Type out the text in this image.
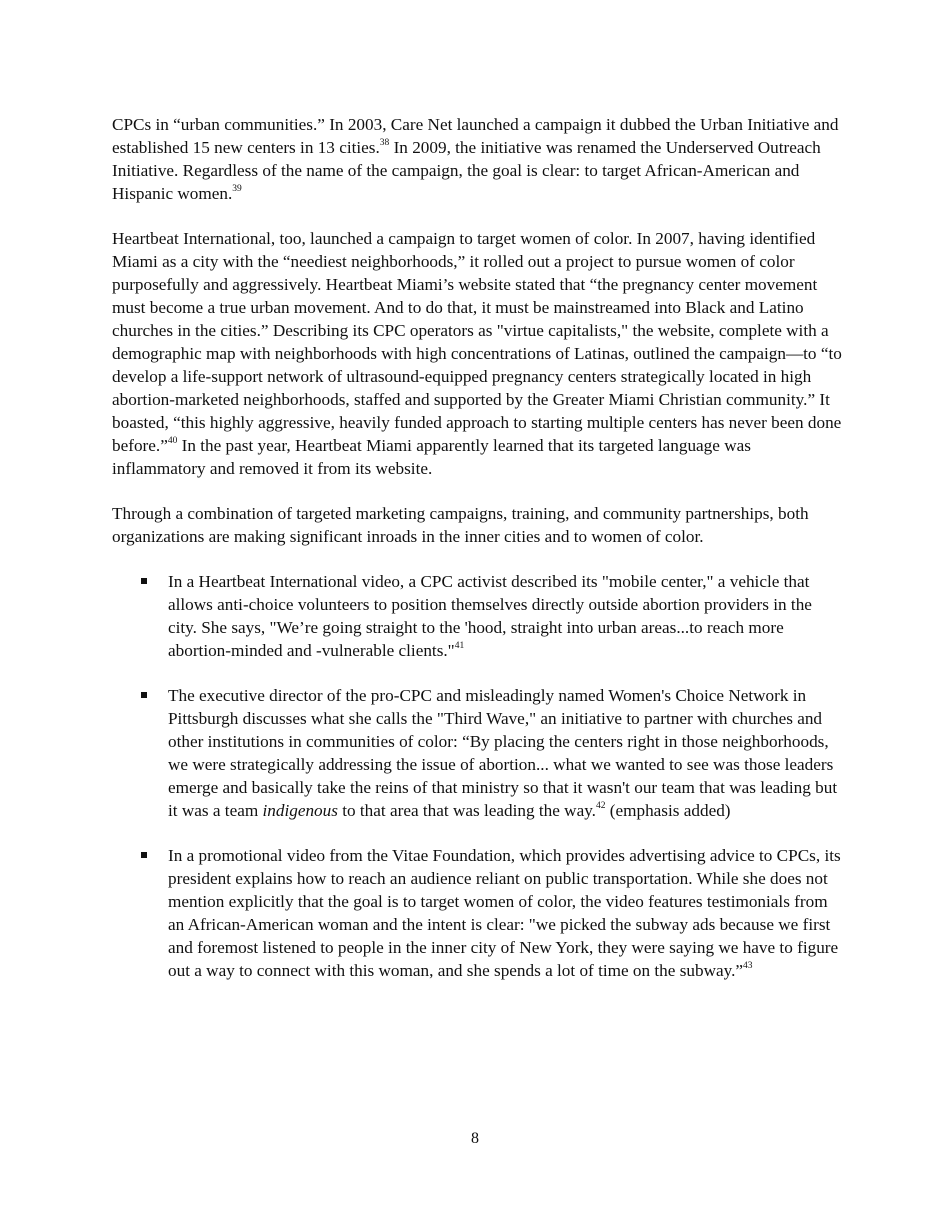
CPCs in “urban communities.” In 2003, Care Net launched a campaign it dubbed the Urban Initiative and established 15 new centers in 13 cities.$^{38}$ In 2009, the initiative was renamed the Underserved Outreach Initiative. Regardless of the name of the campaign, the goal is clear: to target African-American and Hispanic women.$^{39}$

Heartbeat International, too, launched a campaign to target women of color. In 2007, having identified Miami as a city with the “neediest neighborhoods,” it rolled out a project to pursue women of color purposefully and aggressively. Heartbeat Miami’s website stated that “the pregnancy center movement must become a true urban movement. And to do that, it must be mainstreamed into Black and Latino churches in the cities.” Describing its CPC operators as "virtue capitalists," the website, complete with a demographic map with neighborhoods with high concentrations of Latinas, outlined the campaign—to “to develop a life-support network of ultrasound-equipped pregnancy centers strategically located in high abortion-marketed neighborhoods, staffed and supported by the Greater Miami Christian community.” It boasted, “this highly aggressive, heavily funded approach to starting multiple centers has never been done before.”$^{40}$ In the past year, Heartbeat Miami apparently learned that its targeted language was inflammatory and removed it from its website.

Through a combination of targeted marketing campaigns, training, and community partnerships, both organizations are making significant inroads in the inner cities and to women of color.

In a Heartbeat International video, a CPC activist described its "mobile center," a vehicle that allows anti-choice volunteers to position themselves directly outside abortion providers in the city. She says, "We’re going straight to the 'hood, straight into urban areas...to reach more abortion-minded and -vulnerable clients."$^{41}$
The executive director of the pro-CPC and misleadingly named Women's Choice Network in Pittsburgh discusses what she calls the "Third Wave," an initiative to partner with churches and other institutions in communities of color: “By placing the centers right in those neighborhoods, we were strategically addressing the issue of abortion... what we wanted to see was those leaders emerge and basically take the reins of that ministry so that it wasn't our team that was leading but it was a team indigenous to that area that was leading the way.$^{42}$ (emphasis added)
In a promotional video from the Vitae Foundation, which provides advertising advice to CPCs, its president explains how to reach an audience reliant on public transportation. While she does not mention explicitly that the goal is to target women of color, the video features testimonials from an African-American woman and the intent is clear: "we picked the subway ads because we first and foremost listened to people in the inner city of New York, they were saying we have to figure out a way to connect with this woman, and she spends a lot of time on the subway.”$^{43}$
8
